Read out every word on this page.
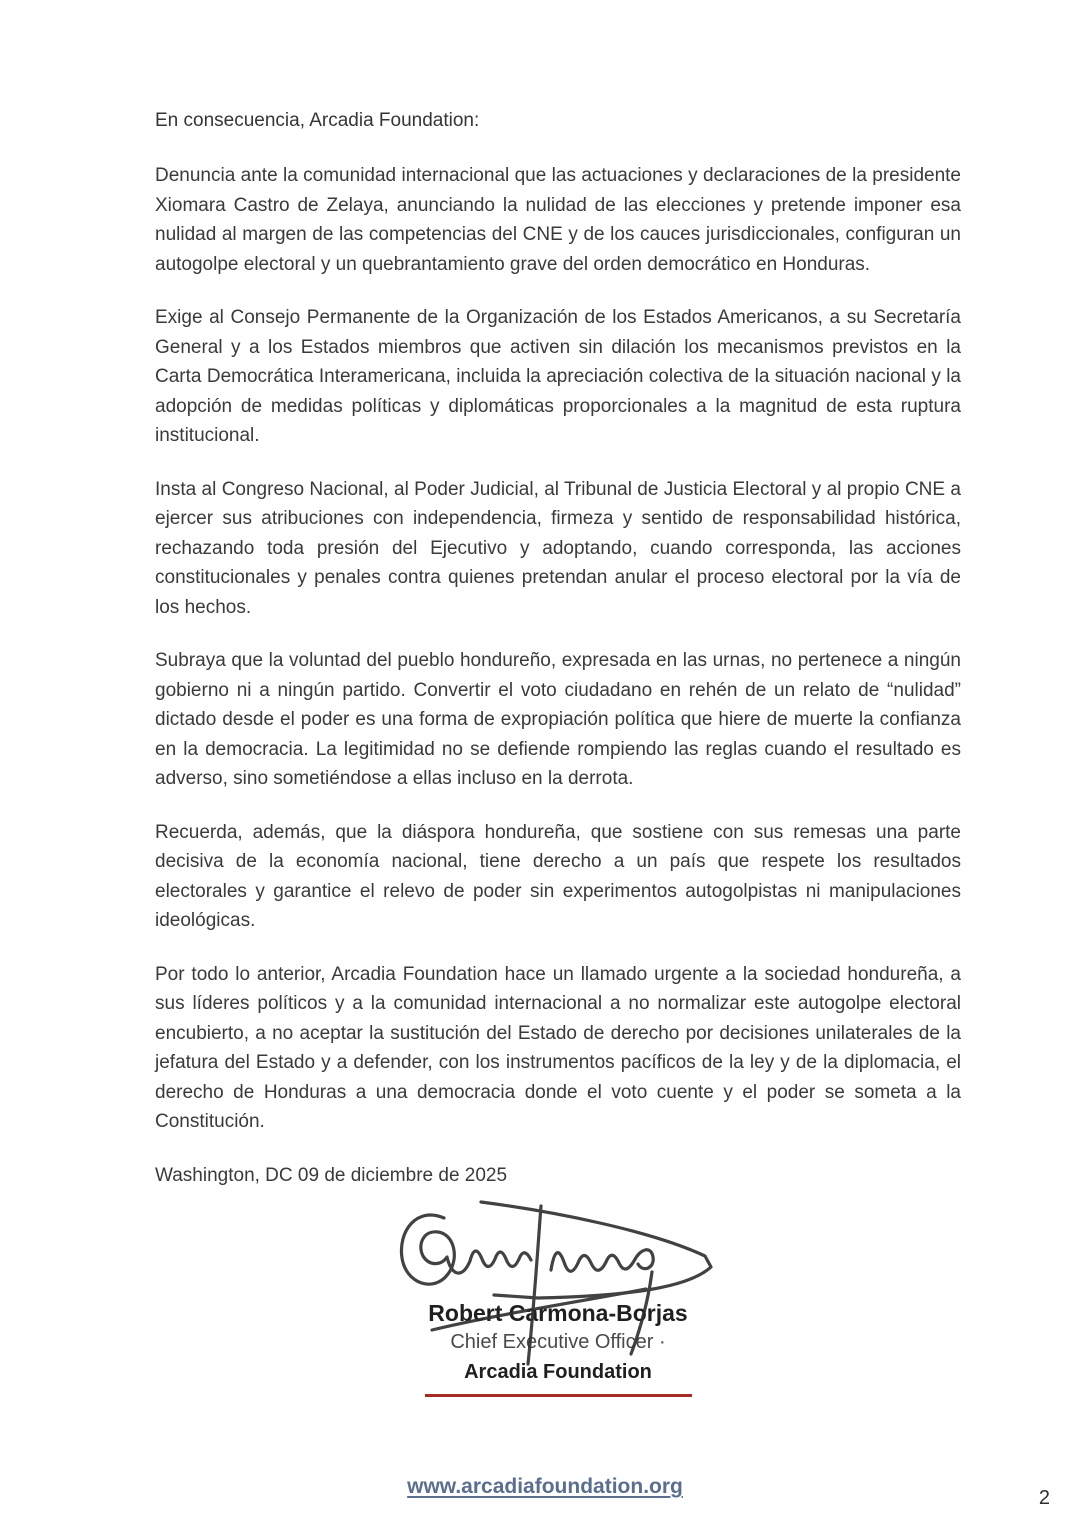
En consecuencia, Arcadia Foundation:

Denuncia ante la comunidad internacional que las actuaciones y declaraciones de la presidente Xiomara Castro de Zelaya, anunciando la nulidad de las elecciones y pretende imponer esa nulidad al margen de las competencias del CNE y de los cauces jurisdiccionales, configuran un autogolpe electoral y un quebrantamiento grave del orden democrático en Honduras.

Exige al Consejo Permanente de la Organización de los Estados Americanos, a su Secretaría General y a los Estados miembros que activen sin dilación los mecanismos previstos en la Carta Democrática Interamericana, incluida la apreciación colectiva de la situación nacional y la adopción de medidas políticas y diplomáticas proporcionales a la magnitud de esta ruptura institucional.

Insta al Congreso Nacional, al Poder Judicial, al Tribunal de Justicia Electoral y al propio CNE a ejercer sus atribuciones con independencia, firmeza y sentido de responsabilidad histórica, rechazando toda presión del Ejecutivo y adoptando, cuando corresponda, las acciones constitucionales y penales contra quienes pretendan anular el proceso electoral por la vía de los hechos.

Subraya que la voluntad del pueblo hondureño, expresada en las urnas, no pertenece a ningún gobierno ni a ningún partido. Convertir el voto ciudadano en rehén de un relato de “nulidad” dictado desde el poder es una forma de expropiación política que hiere de muerte la confianza en la democracia. La legitimidad no se defiende rompiendo las reglas cuando el resultado es adverso, sino sometiéndose a ellas incluso en la derrota.

Recuerda, además, que la diáspora hondureña, que sostiene con sus remesas una parte decisiva de la economía nacional, tiene derecho a un país que respete los resultados electorales y garantice el relevo de poder sin experimentos autogolpistas ni manipulaciones ideológicas.

Por todo lo anterior, Arcadia Foundation hace un llamado urgente a la sociedad hondureña, a sus líderes políticos y a la comunidad internacional a no normalizar este autogolpe electoral encubierto, a no aceptar la sustitución del Estado de derecho por decisiones unilaterales de la jefatura del Estado y a defender, con los instrumentos pacíficos de la ley y de la diplomacia, el derecho de Honduras a una democracia donde el voto cuente y el poder se someta a la Constitución.

Washington, DC 09 de diciembre de 2025

Robert Carmona-Borjas
Chief Executive Officer ·
Arcadia Foundation
www.arcadiafoundation.org	2
